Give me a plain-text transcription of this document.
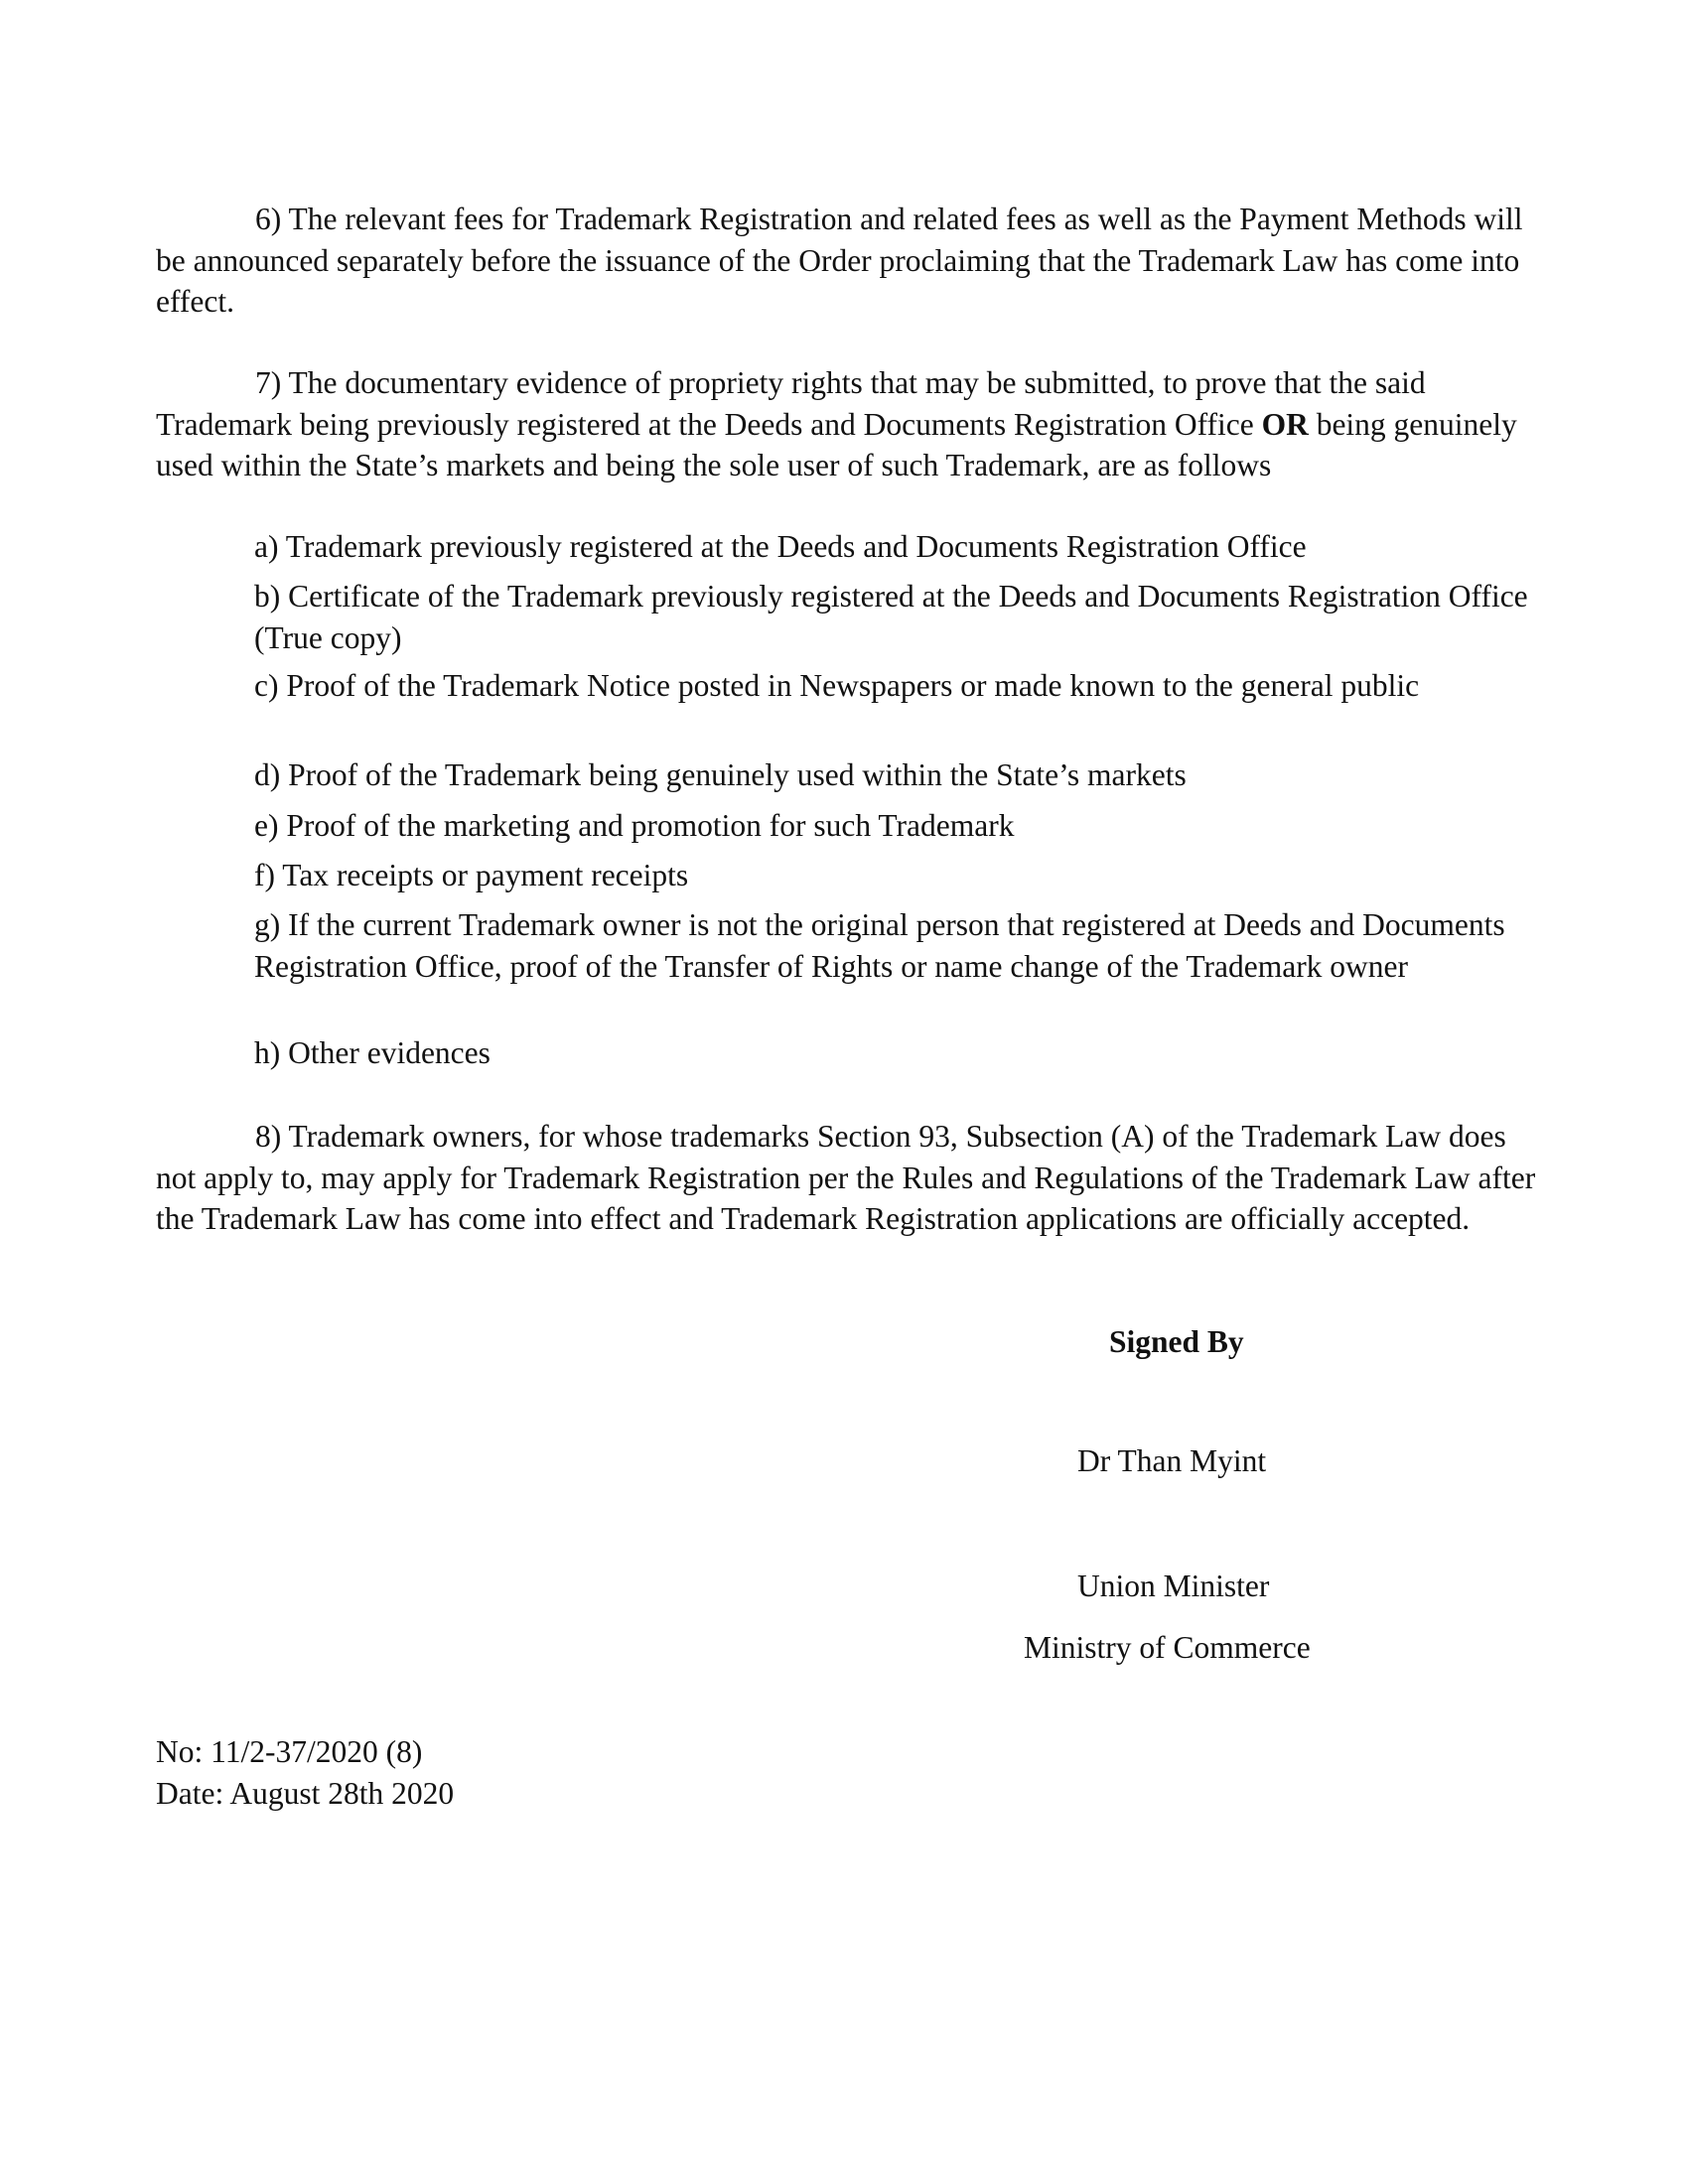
6) The relevant fees for Trademark Registration and related fees as well as the Payment Methods will be announced separately before the issuance of the Order proclaiming that the Trademark Law has come into effect.

7) The documentary evidence of propriety rights that may be submitted, to prove that the said Trademark being previously registered at the Deeds and Documents Registration Office OR being genuinely used within the State’s markets and being the sole user of such Trademark, are as follows

a) Trademark previously registered at the Deeds and Documents Registration Office

b) Certificate of the Trademark previously registered at the Deeds and Documents Registration Office (True copy)

c) Proof of the Trademark Notice posted in Newspapers or made known to the general public

d) Proof of the Trademark being genuinely used within the State’s markets

e) Proof of the marketing and promotion for such Trademark

f) Tax receipts or payment receipts

g) If the current Trademark owner is not the original person that registered at Deeds and Documents Registration Office, proof of the Transfer of Rights or name change of the Trademark owner

h) Other evidences

8) Trademark owners, for whose trademarks Section 93, Subsection (A) of the Trademark Law does not apply to, may apply for Trademark Registration per the Rules and Regulations of the Trademark Law after the Trademark Law has come into effect and Trademark Registration applications are officially accepted.

Signed By

Dr Than Myint

Union Minister

Ministry of Commerce

No: 11/2-37/2020 (8)

Date: August 28th 2020
